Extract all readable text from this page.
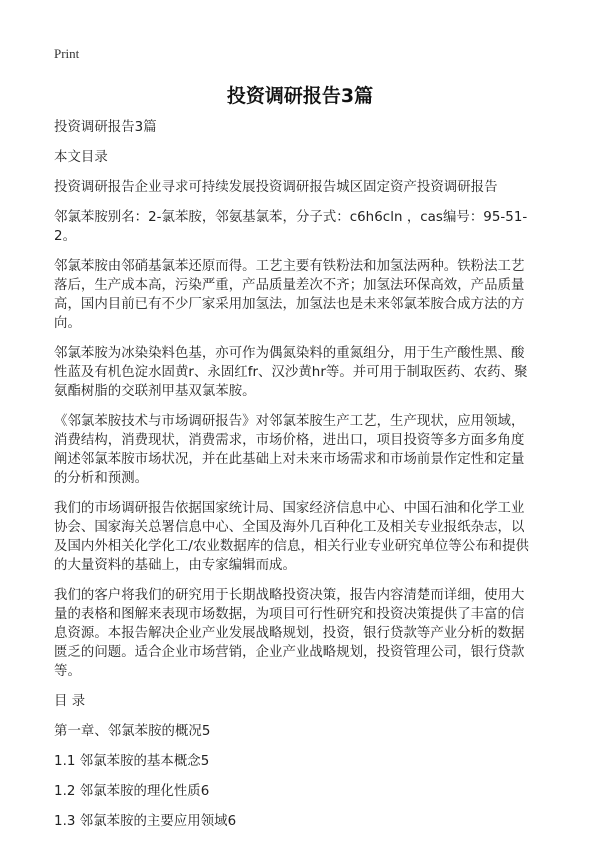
Print
投资调研报告3篇

投资调研报告3篇

本文目录

投资调研报告企业寻求可持续发展投资调研报告城区固定资产投资调研报告

邻氯苯胺别名：2-氯苯胺，邻氨基氯苯，分子式：c6h6cln ，cas编号：95-51-2。

邻氯苯胺由邻硝基氯苯还原而得。工艺主要有铁粉法和加氢法两种。铁粉法工艺落后，生产成本高，污染严重，产品质量差次不齐；加氢法环保高效，产品质量高，国内目前已有不少厂家采用加氢法，加氢法也是未来邻氯苯胺合成方法的方向。

邻氯苯胺为冰染染料色基，亦可作为偶氮染料的重氮组分，用于生产酸性黑、酸性蓝及有机色淀水固黄r、永固红fr、汉沙黄hr等。并可用于制取医药、农药、聚氨酯树脂的交联剂甲基双氯苯胺。

《邻氯苯胺技术与市场调研报告》对邻氯苯胺生产工艺，生产现状，应用领域，消费结构，消费现状，消费需求，市场价格，进出口，项目投资等多方面多角度阐述邻氯苯胺市场状况，并在此基础上对未来市场需求和市场前景作定性和定量的分析和预测。

我们的市场调研报告依据国家统计局、国家经济信息中心、中国石油和化学工业协会、国家海关总署信息中心、全国及海外几百种化工及相关专业报纸杂志，以及国内外相关化学化工/农业数据库的信息，相关行业专业研究单位等公布和提供的大量资料的基础上，由专家编辑而成。

我们的客户将我们的研究用于长期战略投资决策，报告内容清楚而详细，使用大量的表格和图解来表现市场数据，为项目可行性研究和投资决策提供了丰富的信息资源。本报告解决企业产业发展战略规划，投资，银行贷款等产业分析的数据匮乏的问题。适合企业市场营销，企业产业战略规划，投资管理公司，银行贷款等。

目 录

第一章、邻氯苯胺的概况5

1.1 邻氯苯胺的基本概念5

1.2 邻氯苯胺的理化性质6

1.3 邻氯苯胺的主要应用领域6
